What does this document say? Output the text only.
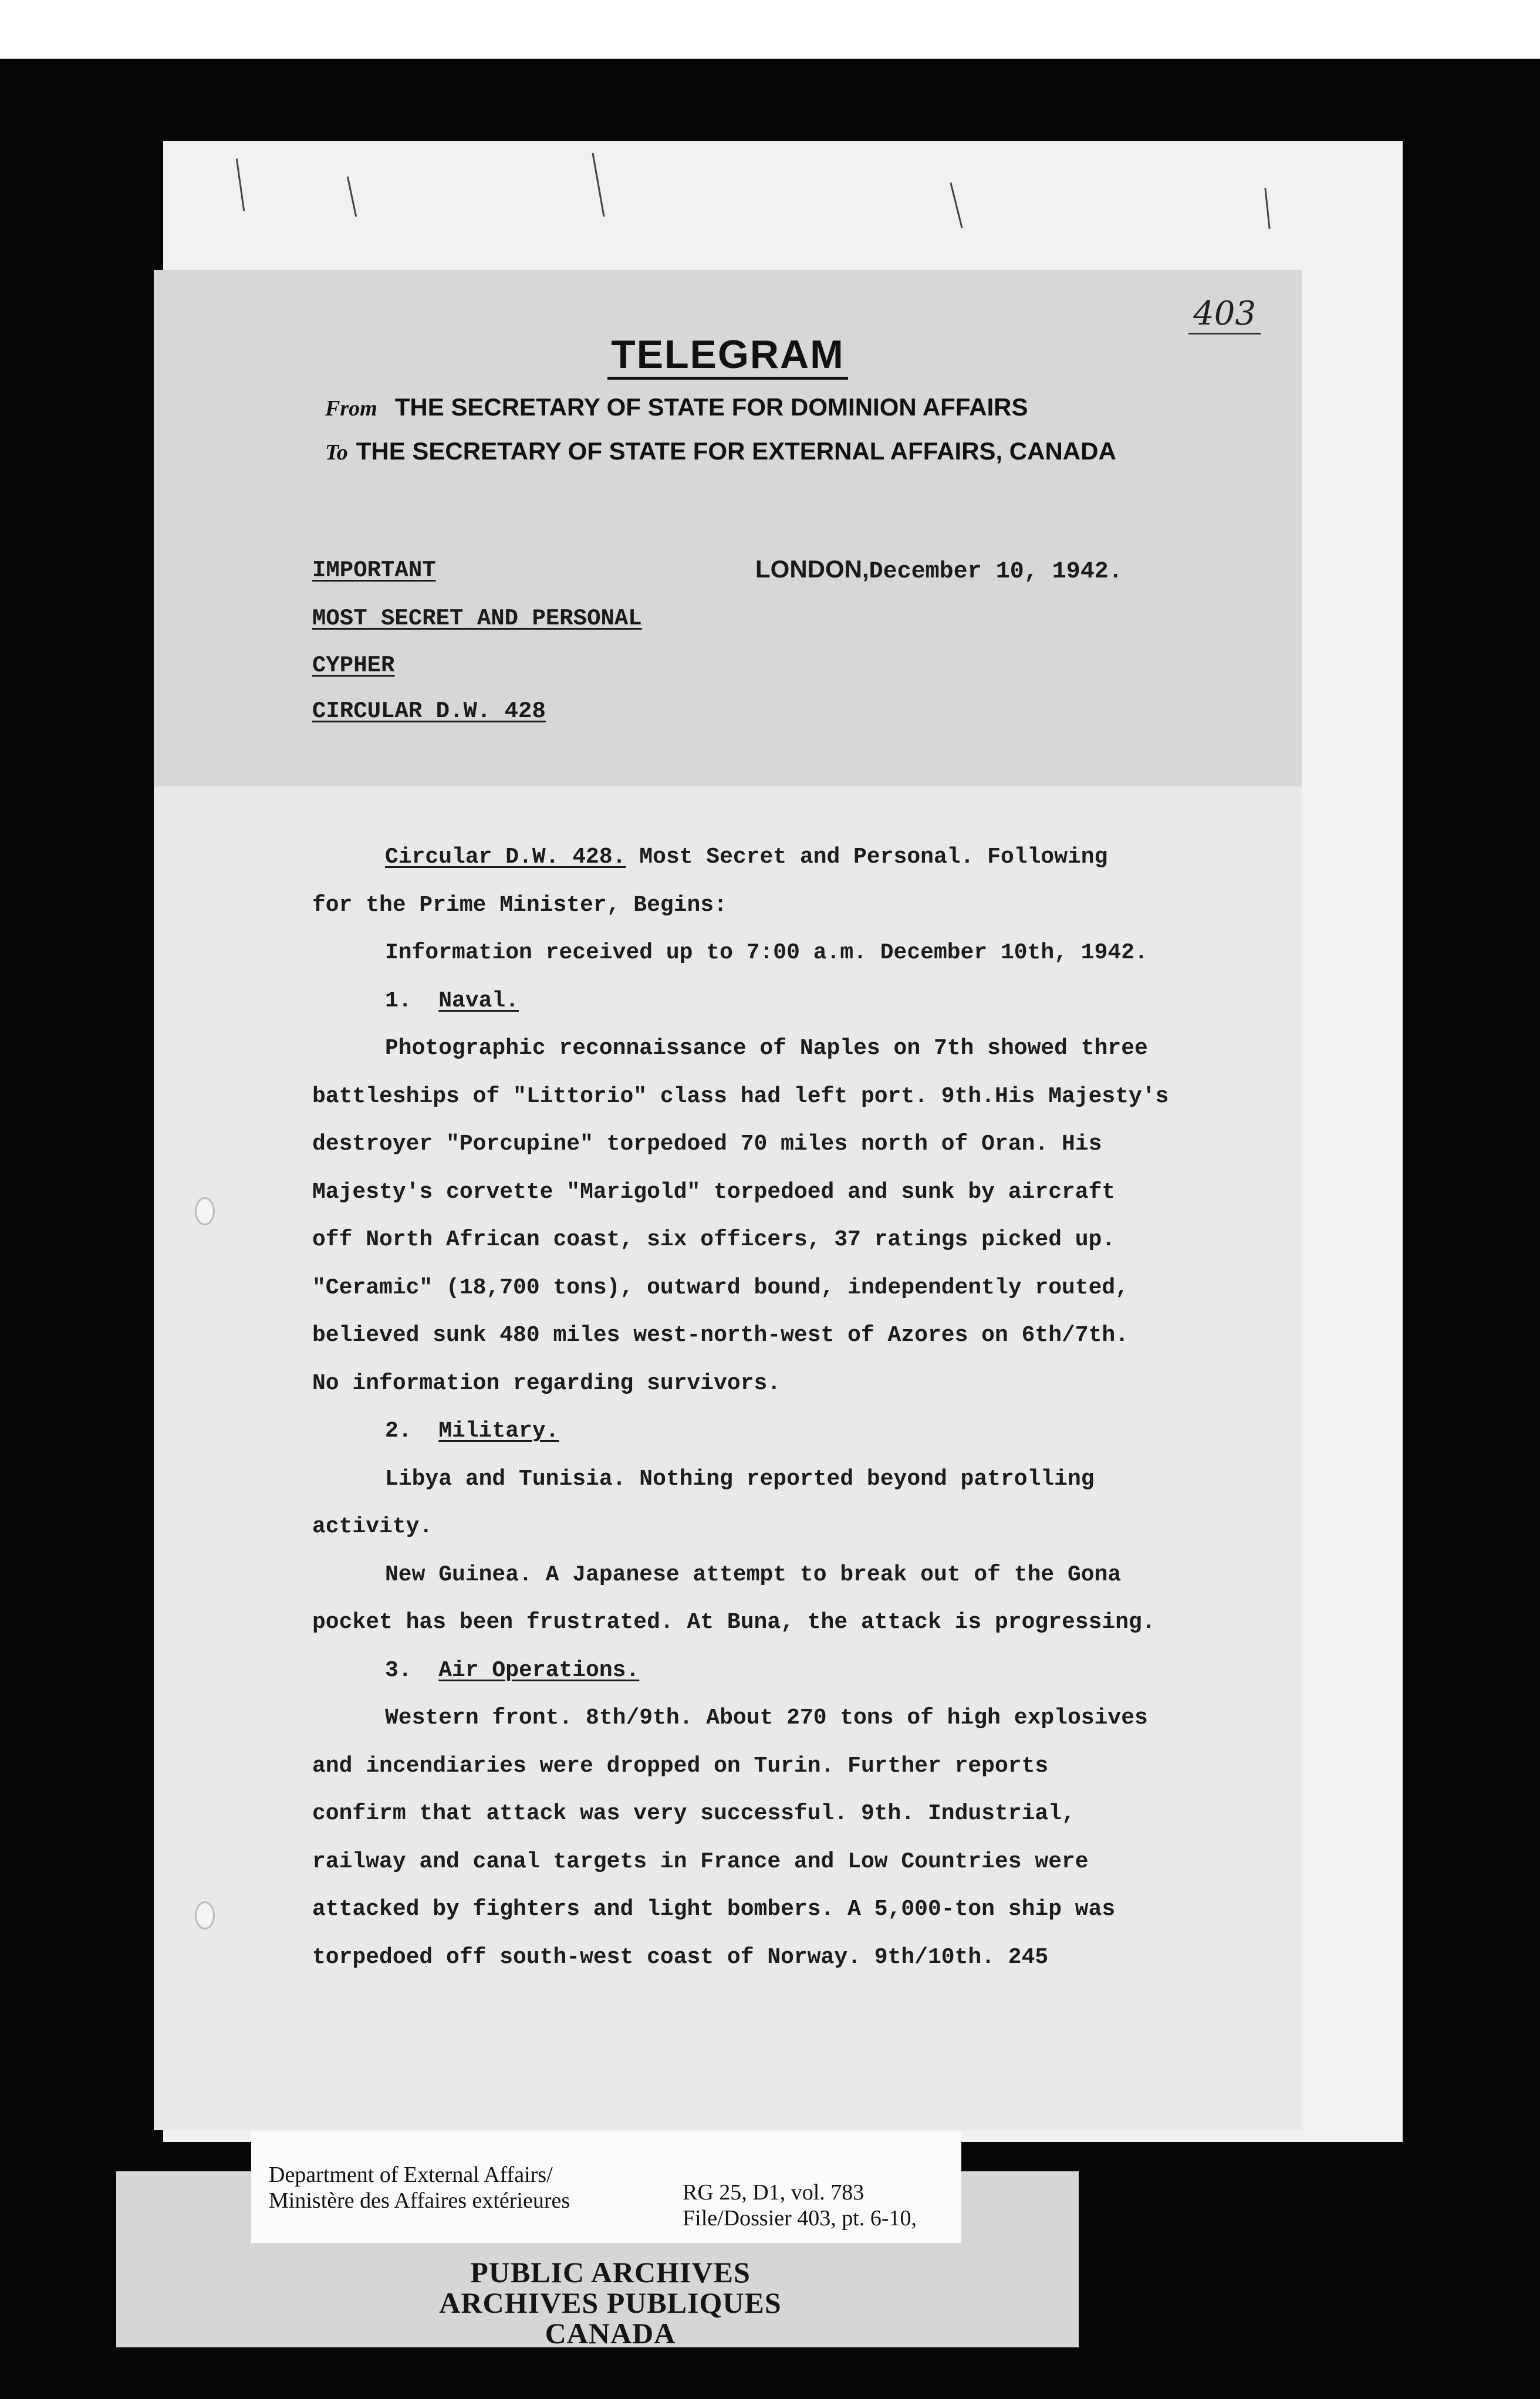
403
TELEGRAM
From THE SECRETARY OF STATE FOR DOMINION AFFAIRS
To THE SECRETARY OF STATE FOR EXTERNAL AFFAIRS, CANADA
IMPORTANT
MOST SECRET AND PERSONAL
CYPHER
CIRCULAR D.W. 428
LONDON,December 10, 1942.

Circular D.W. 428. Most Secret and Personal. Following

for the Prime Minister, Begins:

Information received up to 7:00 a.m. December 10th, 1942.

1. Naval.

Photographic reconnaissance of Naples on 7th showed three

battleships of "Littorio" class had left port. 9th.His Majesty's

destroyer "Porcupine" torpedoed 70 miles north of Oran. His

Majesty's corvette "Marigold" torpedoed and sunk by aircraft

off North African coast, six officers, 37 ratings picked up.

"Ceramic" (18,700 tons), outward bound, independently routed,

believed sunk 480 miles west-north-west of Azores on 6th/7th.

No information regarding survivors.

2. Military.

Libya and Tunisia. Nothing reported beyond patrolling

activity.

New Guinea. A Japanese attempt to break out of the Gona

pocket has been frustrated. At Buna, the attack is progressing.

3. Air Operations.

Western front. 8th/9th. About 270 tons of high explosives

and incendiaries were dropped on Turin. Further reports

confirm that attack was very successful. 9th. Industrial,

railway and canal targets in France and Low Countries were

attacked by fighters and light bombers. A 5,000-ton ship was

torpedoed off south-west coast of Norway. 9th/10th. 245

Department of External Affairs/
Ministère des Affaires extérieures	RG 25, D1, vol. 783
File/Dossier 403, pt. 6-10,
PUBLIC ARCHIVES
ARCHIVES PUBLIQUES
CANADA
